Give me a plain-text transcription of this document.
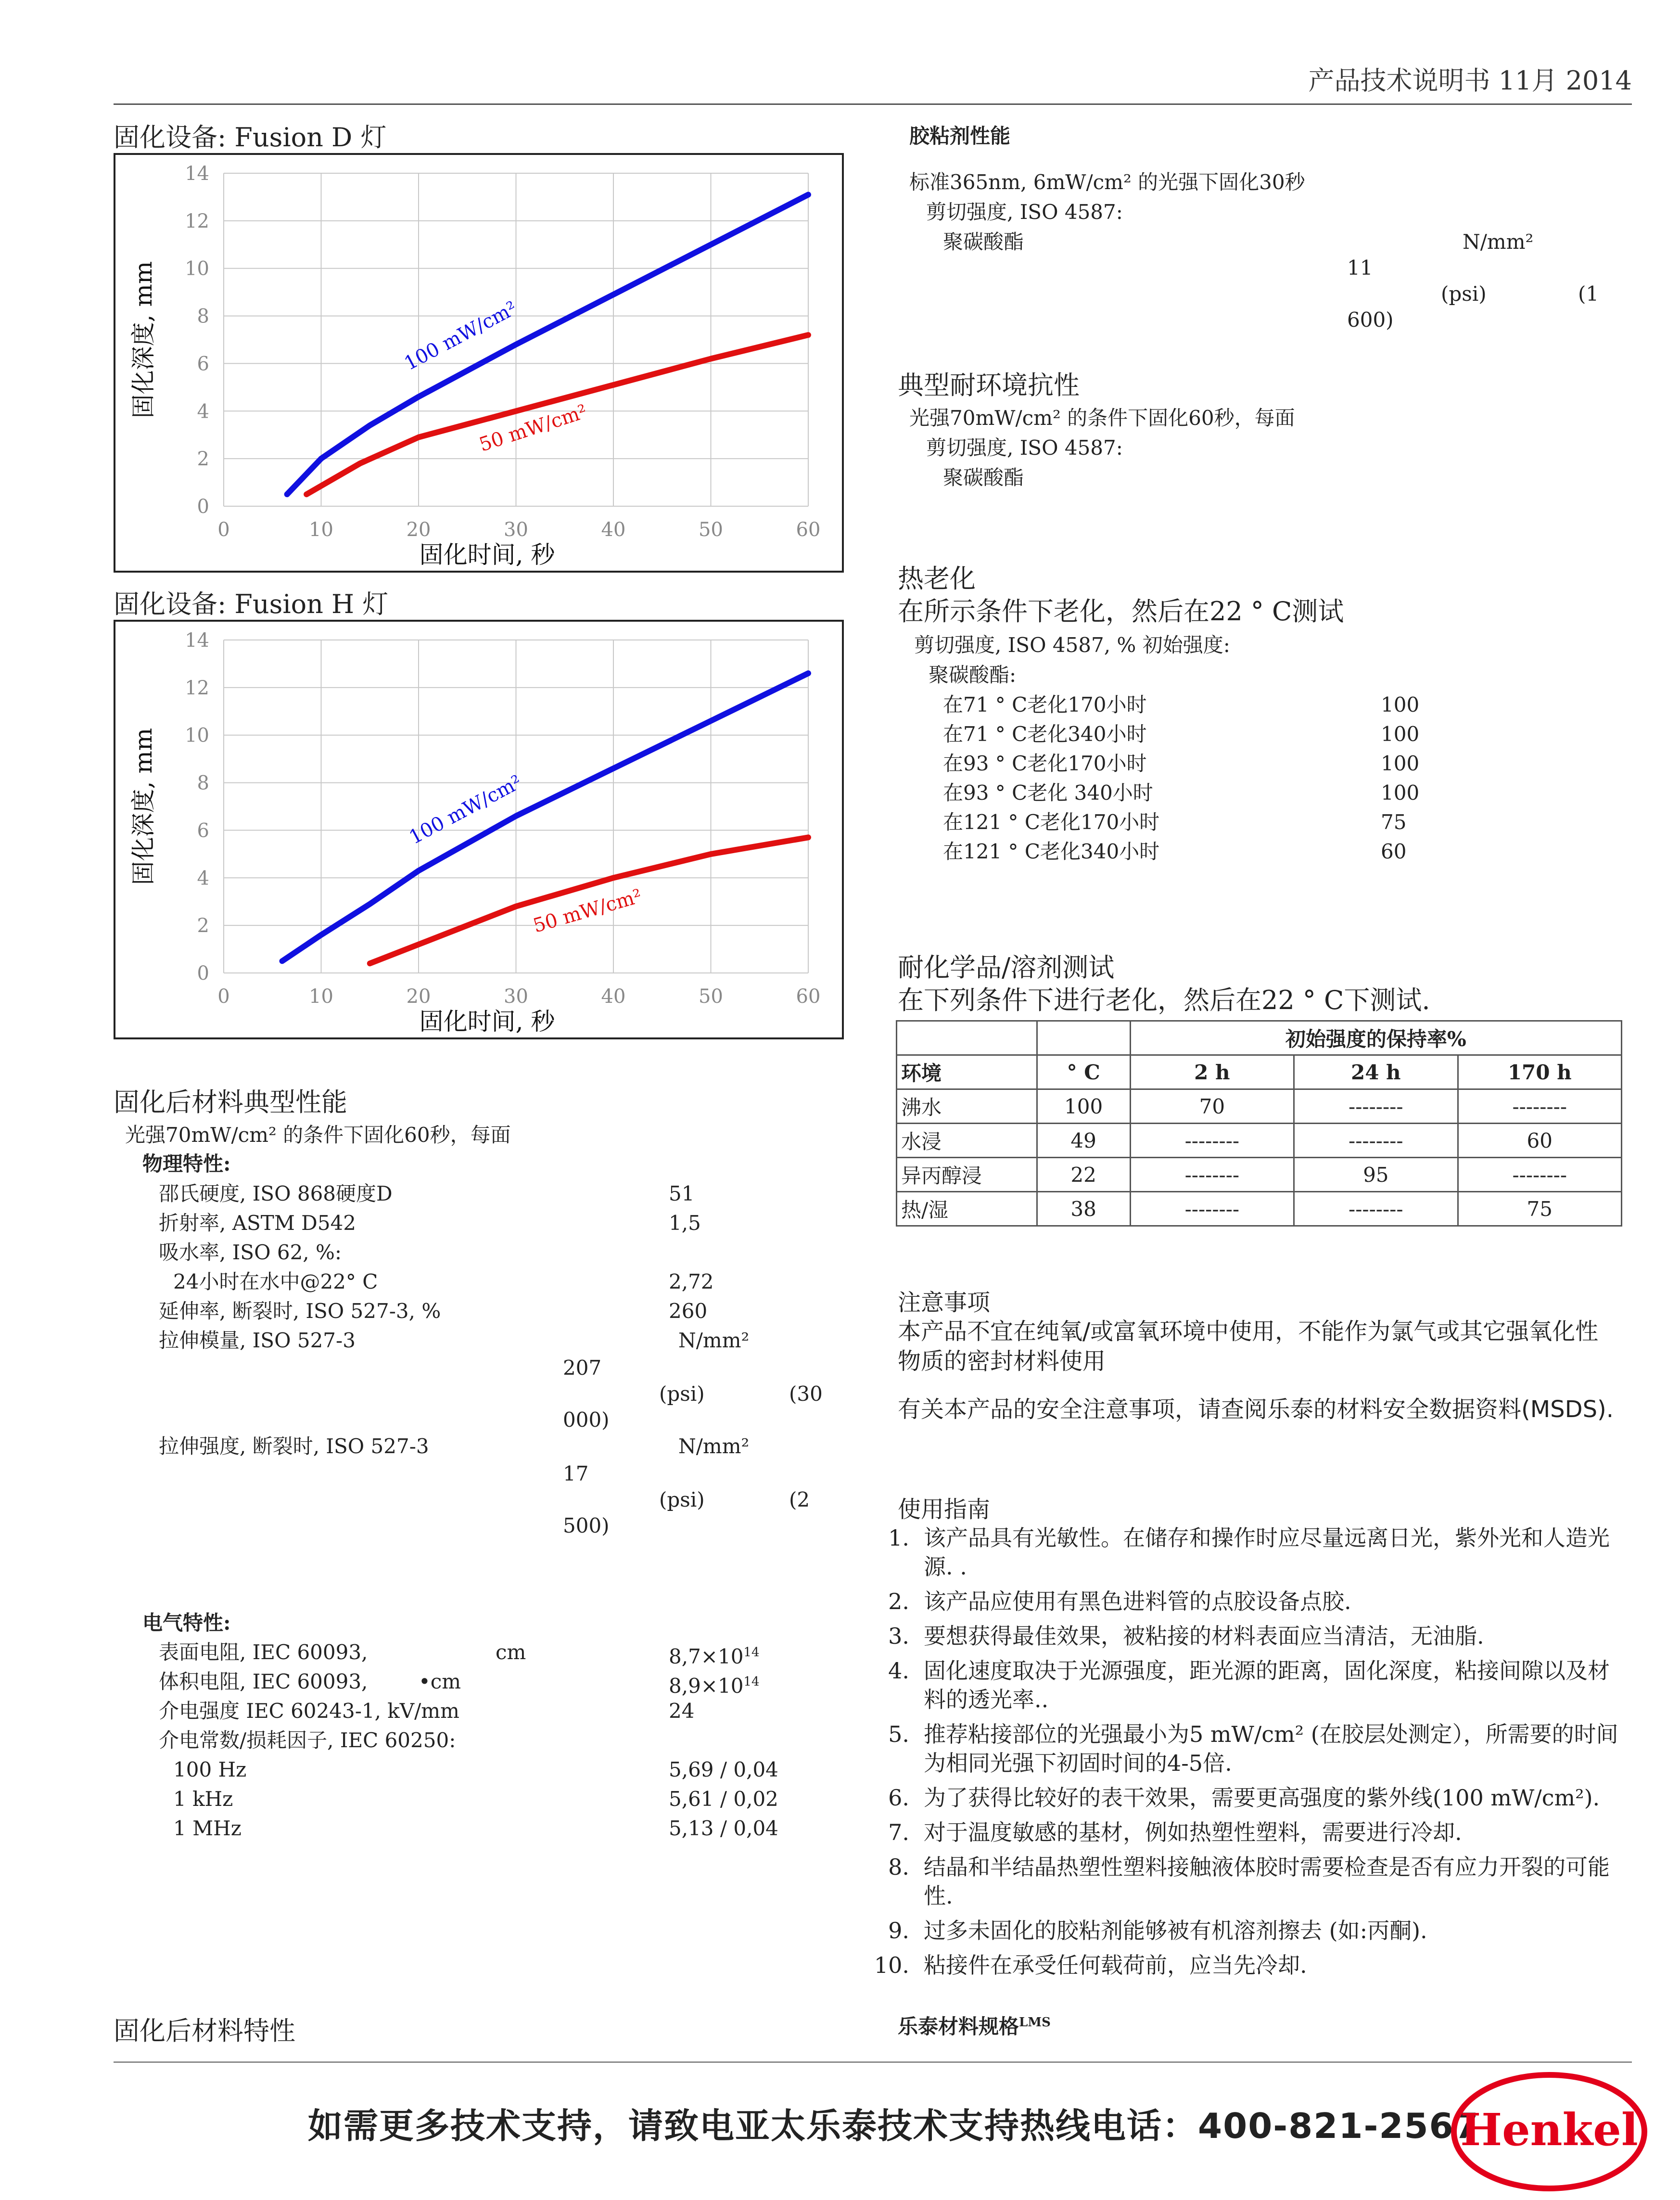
产品技术说明书 11月 2014
固化设备: Fusion D 灯
0	10	20	30	40	50	60
0
2
4
6
8
10
12
14
固化时间, 秒
固化深度, mm	100 mW/cm²
50 mW/cm²
固化设备: Fusion H 灯
0	10	20	30	40	50	60
0
2
4
6
8
10
12
14
固化时间, 秒
固化深度, mm	100 mW/cm²
50 mW/cm²
固化后材料典型性能
光强70mW/cm² 的条件下固化60秒，每面
物理特性:
邵氏硬度, ISO 868硬度D	51
折射率, ASTM D542	1,5
吸水率, ISO 62, %:
24小时在水中@22° C	2,72
延伸率, 断裂时, ISO 527-3, %	260
拉伸模量, ISO 527-3	N/mm²
207
(psi)	(30
000)
拉伸强度, 断裂时, ISO 527-3	N/mm²
17
(psi)	(2
500)
电气特性:
表面电阻, IEC 60093,	cm	$8,7\times 10^{14}$
体积电阻, IEC 60093,	•cm	$8,9\times 10^{14}$
介电强度 IEC 60243-1, kV/mm	24
介电常数/损耗因子, IEC 60250:
100 Hz	5,69 / 0,04
1 kHz	5,61 / 0,02
1 MHz	5,13 / 0,04
固化后材料特性
胶粘剂性能
标准365nm, 6mW/cm² 的光强下固化30秒
剪切强度, ISO 4587:
聚碳酸酯	N/mm²
11
(psi)	(1
600)
典型耐环境抗性
光强70mW/cm² 的条件下固化60秒，每面
剪切强度, ISO 4587:
聚碳酸酯
热老化
在所示条件下老化，然后在22 ° C测试
剪切强度, ISO 4587, % 初始强度:
聚碳酸酯:
在71 ° C老化170小时	100
在71 ° C老化340小时	100
在93 ° C老化170小时	100
在93 ° C老化 340小时	100
在121 ° C老化170小时	75
在121 ° C老化340小时	60
耐化学品/溶剂测试
在下列条件下进行老化，然后在22 ° C下测试.
		初始强度的保持率%		
环境	° C	2 h	24 h	170 h
沸水	100	70	--------	--------
水浸	49	--------	--------	60
异丙醇浸	22	--------	95	--------
热/湿	38	--------	--------	75
注意事项
本产品不宜在纯氧/或富氧环境中使用，不能作为氯气或其它强氧化性物质的密封材料使用
有关本产品的安全注意事项，请查阅乐泰的材料安全数据资料(MSDS).
使用指南
1. 该产品具有光敏性。在储存和操作时应尽量远离日光，紫外光和人造光源. .
2. 该产品应使用有黑色进料管的点胶设备点胶.
3. 要想获得最佳效果，被粘接的材料表面应当清洁，无油脂.
4. 固化速度取决于光源强度，距光源的距离，固化深度，粘接间隙以及材料的透光率..
5. 推荐粘接部位的光强最小为5 mW/cm² (在胶层处测定），所需要的时间为相同光强下初固时间的4-5倍.
6. 为了获得比较好的表干效果，需要更高强度的紫外线(100 mW/cm²).
7. 对于温度敏感的基材，例如热塑性塑料，需要进行冷却.
8. 结晶和半结晶热塑性塑料接触液体胶时需要检查是否有应力开裂的可能性.
9. 过多未固化的胶粘剂能够被有机溶剂擦去 (如:丙酮).
10. 粘接件在承受任何载荷前，应当先冷却.
乐泰材料规格$^{LMS}$
如需更多技术支持，请致电亚太乐泰技术支持热线电话：400-821-2567
Henkel
